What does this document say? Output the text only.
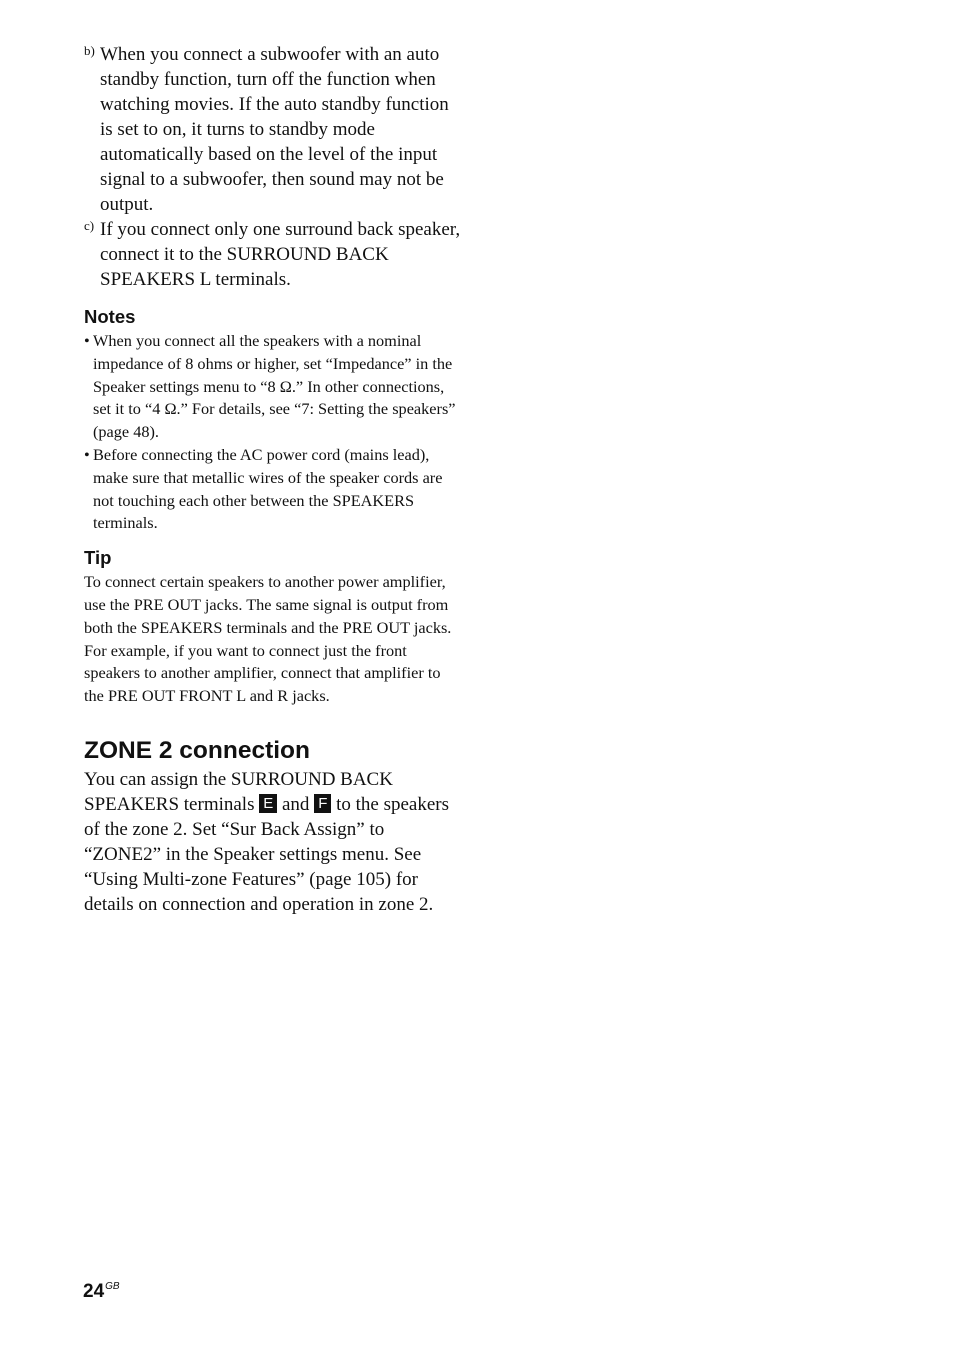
b) When you connect a subwoofer with an auto standby function, turn off the function when watching movies. If the auto standby function is set to on, it turns to standby mode automatically based on the level of the input signal to a subwoofer, then sound may not be output.
c) If you connect only one surround back speaker, connect it to the SURROUND BACK SPEAKERS L terminals.
Notes
• When you connect all the speakers with a nominal impedance of 8 ohms or higher, set “Impedance” in the Speaker settings menu to “8 Ω.” In other connections, set it to “4 Ω.” For details, see “7: Setting the speakers” (page 48).
• Before connecting the AC power cord (mains lead), make sure that metallic wires of the speaker cords are not touching each other between the SPEAKERS terminals.
Tip
To connect certain speakers to another power amplifier, use the PRE OUT jacks. The same signal is output from both the SPEAKERS terminals and the PRE OUT jacks. For example, if you want to connect just the front speakers to another amplifier, connect that amplifier to the PRE OUT FRONT L and R jacks.
ZONE 2 connection
You can assign the SURROUND BACK SPEAKERS terminals E and F to the speakers of the zone 2. Set “Sur Back Assign” to “ZONE2” in the Speaker settings menu. See “Using Multi-zone Features” (page 105) for details on connection and operation in zone 2.
$24^{GB}$
